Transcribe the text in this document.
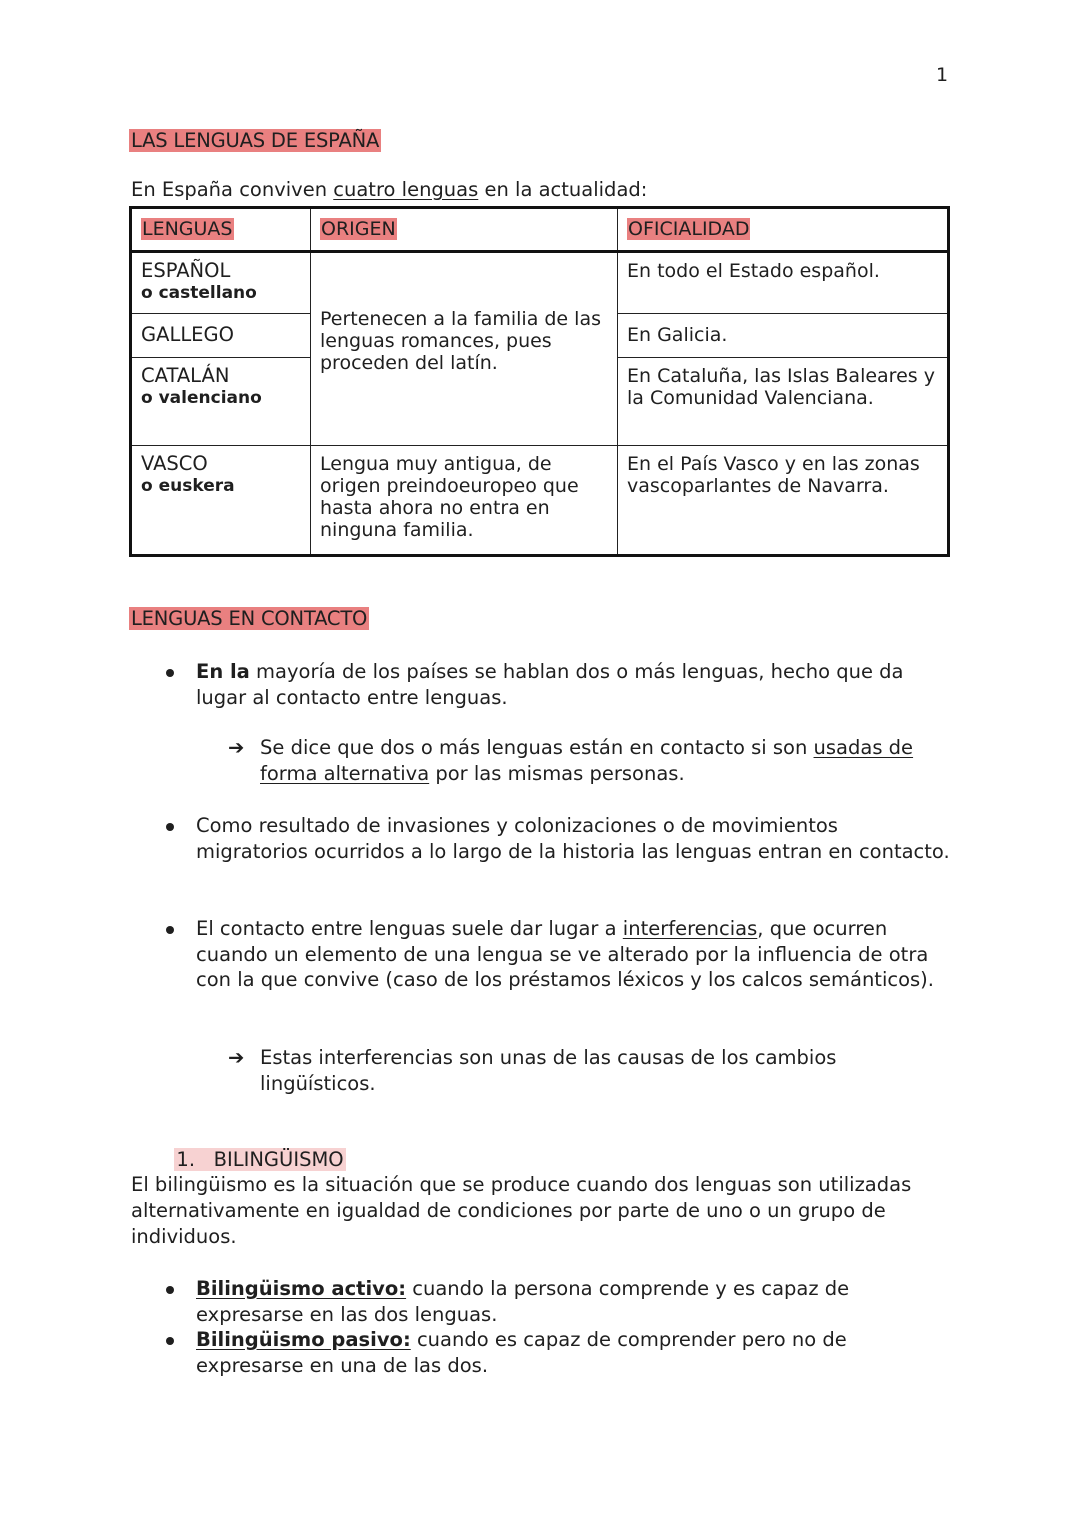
1
LAS LENGUAS DE ESPAÑA
En España conviven cuatro lenguas en la actualidad:
LENGUAS	ORIGEN	OFICIALIDAD

ESPAÑOL
o castellano	Pertenecen a la familia de las lenguas romances, pues proceden del latín.	En todo el Estado español.

GALLEGO		En Galicia.

CATALÁN
o valenciano		En Cataluña, las Islas Baleares y la Comunidad Valenciana.

VASCO
o euskera	Lengua muy antigua, de origen preindoeuropeo que hasta ahora no entra en ninguna familia.	En el País Vasco y en las zonas vascoparlantes de Navarra.
LENGUAS EN CONTACTO
En la mayoría de los países se hablan dos o más lenguas, hecho que da lugar al contacto entre lenguas.
➔ Se dice que dos o más lenguas están en contacto si son usadas de forma alternativa por las mismas personas.
Como resultado de invasiones y colonizaciones o de movimientos migratorios ocurridos a lo largo de la historia las lenguas entran en contacto.
El contacto entre lenguas suele dar lugar a interferencias, que ocurren cuando un elemento de una lengua se ve alterado por la influencia de otra con la que convive (caso de los préstamos léxicos y los calcos semánticos).
➔ Estas interferencias son unas de las causas de los cambios lingüísticos.

1.   BILINGÜISMO

El bilingüismo es la situación que se produce cuando dos lenguas son utilizadas alternativamente en igualdad de condiciones por parte de uno o un grupo de individuos.
Bilingüismo activo: cuando la persona comprende y es capaz de expresarse en las dos lenguas.
Bilingüismo pasivo: cuando es capaz de comprender pero no de expresarse en una de las dos.
